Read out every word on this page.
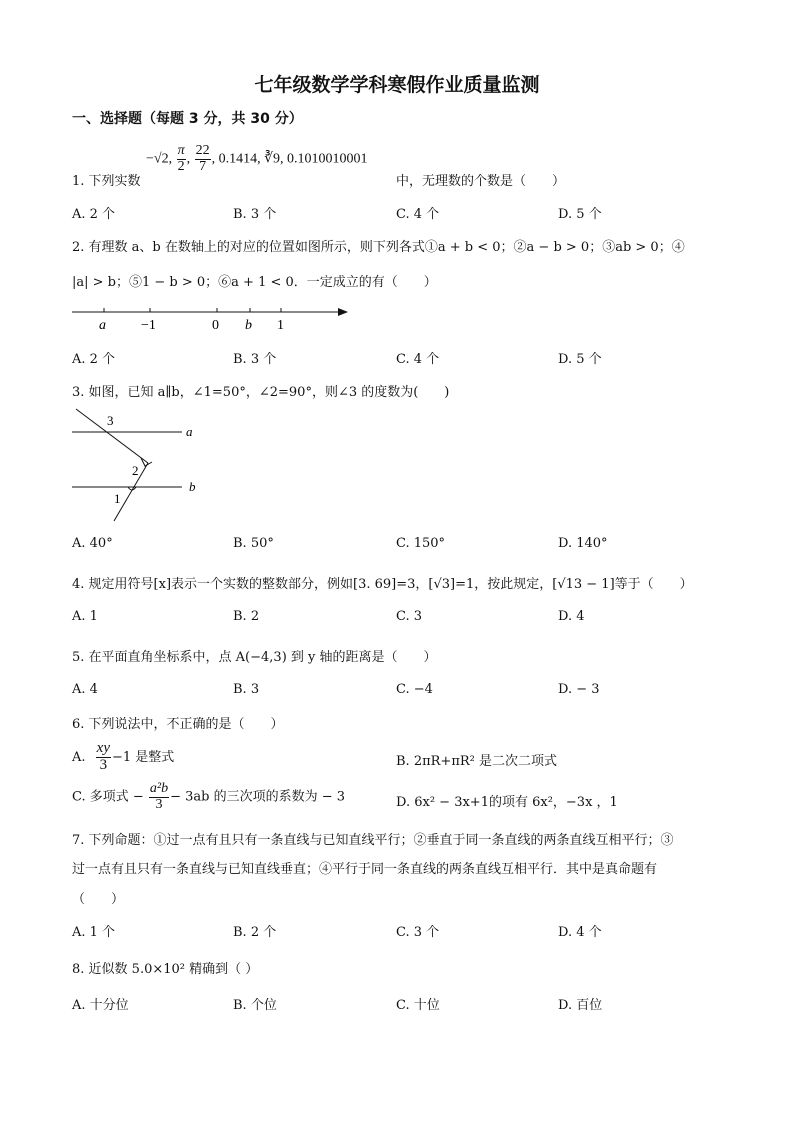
七年级数学学科寒假作业质量监测
一、选择题（每题 3 分，共 30 分）
−√2, $\frac{\pi}{2}$ , $\frac{22}{7}$ , 0.1414, ∛9, 0.1010010001
1. 下列实数	中，无理数的个数是（　　）
A. 2 个	B. 3 个	C. 4 个	D. 5 个
2. 有理数 a、b 在数轴上的对应的位置如图所示，则下列各式①a + b < 0；②a − b > 0；③ab > 0；④
|a| > b；⑤1 − b > 0；⑥a + 1 < 0．一定成立的有（　　）
a	−1	0 b 1
A. 2 个	B. 3 个	C. 4 个	D. 5 个
3. 如图，已知 a∥b，∠1=50°，∠2=90°，则∠3 的度数为(　　)
3
a
2
1
b
A. 40°	B. 50°	C. 150°	D. 140°
4. 规定用符号[x]表示一个实数的整数部分，例如[3. 69]=3，[√3]=1，按此规定，[√13 − 1]等于（　　）
A. 1	B. 2	C. 3	D. 4
5. 在平面直角坐标系中，点 A(−4,3) 到 y 轴的距离是（　　）
A. 4	B. 3	C. −4	D. − 3
6. 下列说法中，不正确的是（　　）
A. $\frac{xy}{3} -1$ 是整式	B. 2πR+πR² 是二次二项式
C. 多项式 − $\frac{\text{a²b}}{3} - 3ab$ 的三次项的系数为 − 3	D. 6x² − 3x+1的项有 6x²，−3x ，1
7. 下列命题：①过一点有且只有一条直线与已知直线平行；②垂直于同一条直线的两条直线互相平行；③
过一点有且只有一条直线与已知直线垂直；④平行于同一条直线的两条直线互相平行．其中是真命题有
（　　）
A. 1 个	B. 2 个	C. 3 个	D. 4 个
8. 近似数 5.0×10² 精确到（ ）
A. 十分位	B. 个位	C. 十位	D. 百位
